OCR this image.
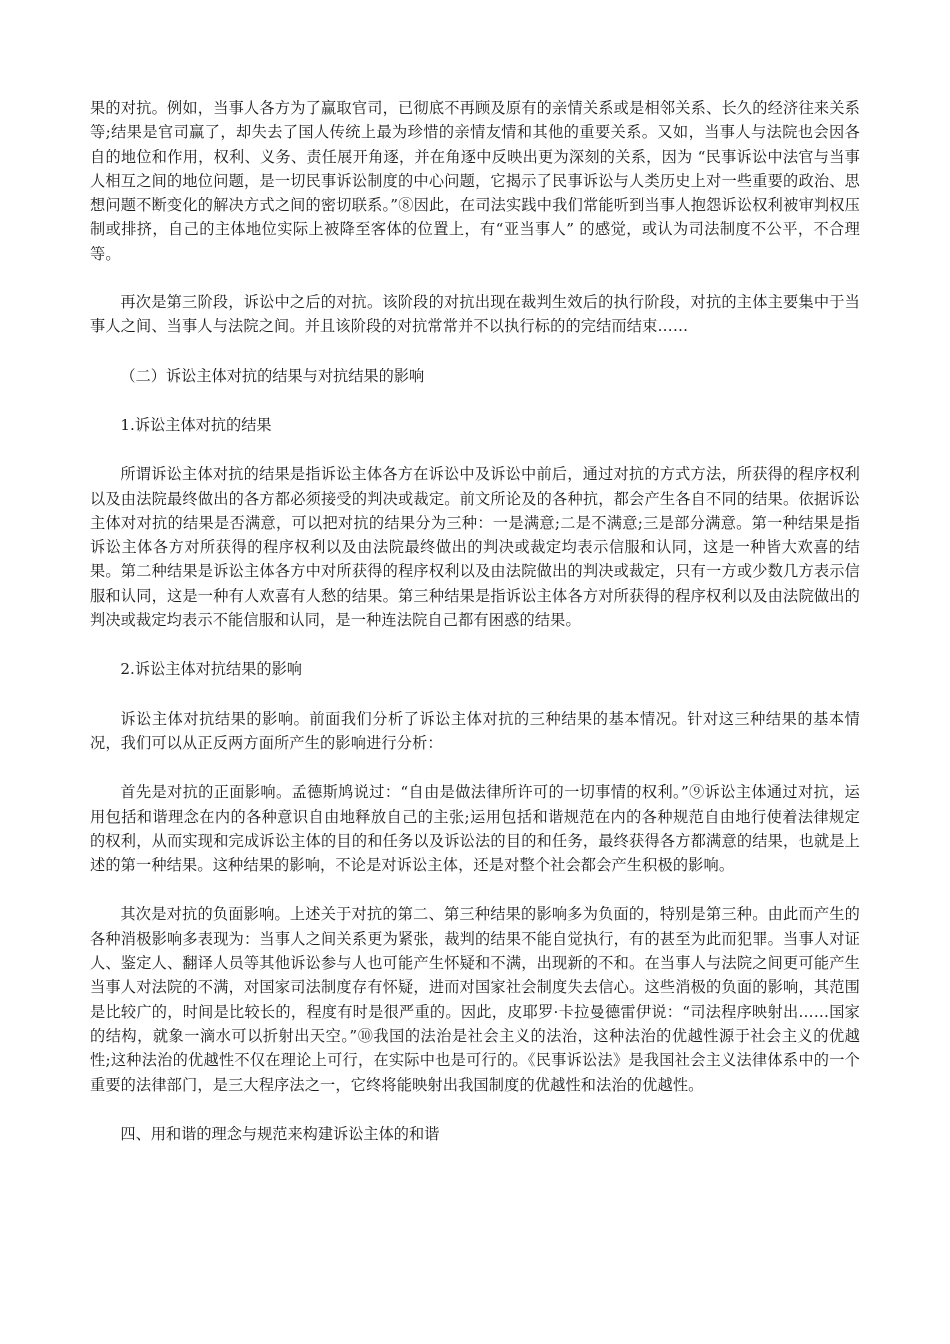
果的对抗。例如，当事人各方为了赢取官司，已彻底不再顾及原有的亲情关系或是相邻关系、长久的经济往来关系等;结果是官司赢了，却失去了国人传统上最为珍惜的亲情友情和其他的重要关系。又如，当事人与法院也会因各自的地位和作用，权利、义务、责任展开角逐，并在角逐中反映出更为深刻的关系，因为 “民事诉讼中法官与当事人相互之间的地位问题，是一切民事诉讼制度的中心问题，它揭示了民事诉讼与人类历史上对一些重要的政治、思想问题不断变化的解决方式之间的密切联系。”⑧因此，在司法实践中我们常能听到当事人抱怨诉讼权利被审判权压制或排挤，自己的主体地位实际上被降至客体的位置上，有“亚当事人” 的感觉，或认为司法制度不公平，不合理等。

再次是第三阶段，诉讼中之后的对抗。该阶段的对抗出现在裁判生效后的执行阶段，对抗的主体主要集中于当事人之间、当事人与法院之间。并且该阶段的对抗常常并不以执行标的的完结而结束……

（二）诉讼主体对抗的结果与对抗结果的影响

1.诉讼主体对抗的结果

所谓诉讼主体对抗的结果是指诉讼主体各方在诉讼中及诉讼中前后，通过对抗的方式方法，所获得的程序权利以及由法院最终做出的各方都必须接受的判决或裁定。前文所论及的各种抗，都会产生各自不同的结果。依据诉讼主体对对抗的结果是否满意，可以把对抗的结果分为三种：一是满意;二是不满意;三是部分满意。第一种结果是指诉讼主体各方对所获得的程序权利以及由法院最终做出的判决或裁定均表示信服和认同，这是一种皆大欢喜的结果。第二种结果是诉讼主体各方中对所获得的程序权利以及由法院做出的判决或裁定，只有一方或少数几方表示信服和认同，这是一种有人欢喜有人愁的结果。第三种结果是指诉讼主体各方对所获得的程序权利以及由法院做出的判决或裁定均表示不能信服和认同，是一种连法院自己都有困惑的结果。

2.诉讼主体对抗结果的影响

诉讼主体对抗结果的影响。前面我们分析了诉讼主体对抗的三种结果的基本情况。针对这三种结果的基本情况，我们可以从正反两方面所产生的影响进行分析：

首先是对抗的正面影响。孟德斯鸠说过：“自由是做法律所许可的一切事情的权利。”⑨诉讼主体通过对抗，运用包括和谐理念在内的各种意识自由地释放自己的主张;运用包括和谐规范在内的各种规范自由地行使着法律规定的权利，从而实现和完成诉讼主体的目的和任务以及诉讼法的目的和任务，最终获得各方都满意的结果，也就是上述的第一种结果。这种结果的影响，不论是对诉讼主体，还是对整个社会都会产生积极的影响。

其次是对抗的负面影响。上述关于对抗的第二、第三种结果的影响多为负面的，特别是第三种。由此而产生的各种消极影响多表现为：当事人之间关系更为紧张，裁判的结果不能自觉执行，有的甚至为此而犯罪。当事人对证人、鉴定人、翻译人员等其他诉讼参与人也可能产生怀疑和不满，出现新的不和。在当事人与法院之间更可能产生当事人对法院的不满，对国家司法制度存有怀疑，进而对国家社会制度失去信心。这些消极的负面的影响，其范围是比较广的，时间是比较长的，程度有时是很严重的。因此，皮耶罗·卡拉曼德雷伊说：“司法程序映射出……国家的结构，就象一滴水可以折射出天空。”⑩我国的法治是社会主义的法治，这种法治的优越性源于社会主义的优越性;这种法治的优越性不仅在理论上可行，在实际中也是可行的。《民事诉讼法》是我国社会主义法律体系中的一个重要的法律部门，是三大程序法之一，它终将能映射出我国制度的优越性和法治的优越性。

四、用和谐的理念与规范来构建诉讼主体的和谐
